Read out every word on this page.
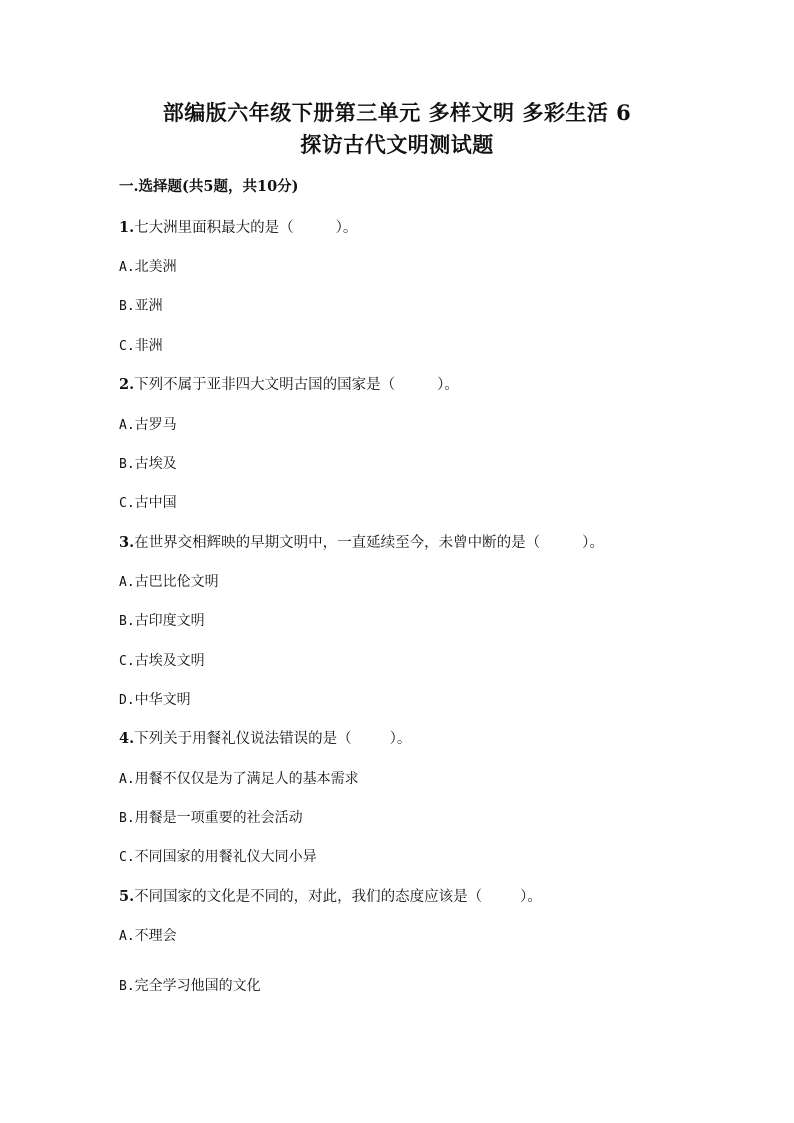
部编版六年级下册第三单元 多样文明 多彩生活 6
探访古代文明测试题
一.选择题(共5题，共10分)
1.七大洲里面积最大的是（	）。
A.北美洲
B.亚洲
C.非洲
2.下列不属于亚非四大文明古国的国家是（	）。
A.古罗马
B.古埃及
C.古中国
3.在世界交相辉映的早期文明中，一直延续至今，未曾中断的是（	）。
A.古巴比伦文明
B.古印度文明
C.古埃及文明
D.中华文明
4.下列关于用餐礼仪说法错误的是（	）。
A.用餐不仅仅是为了满足人的基本需求
B.用餐是一项重要的社会活动
C.不同国家的用餐礼仪大同小异
5.不同国家的文化是不同的，对此，我们的态度应该是（	）。
A.不理会
B.完全学习他国的文化
